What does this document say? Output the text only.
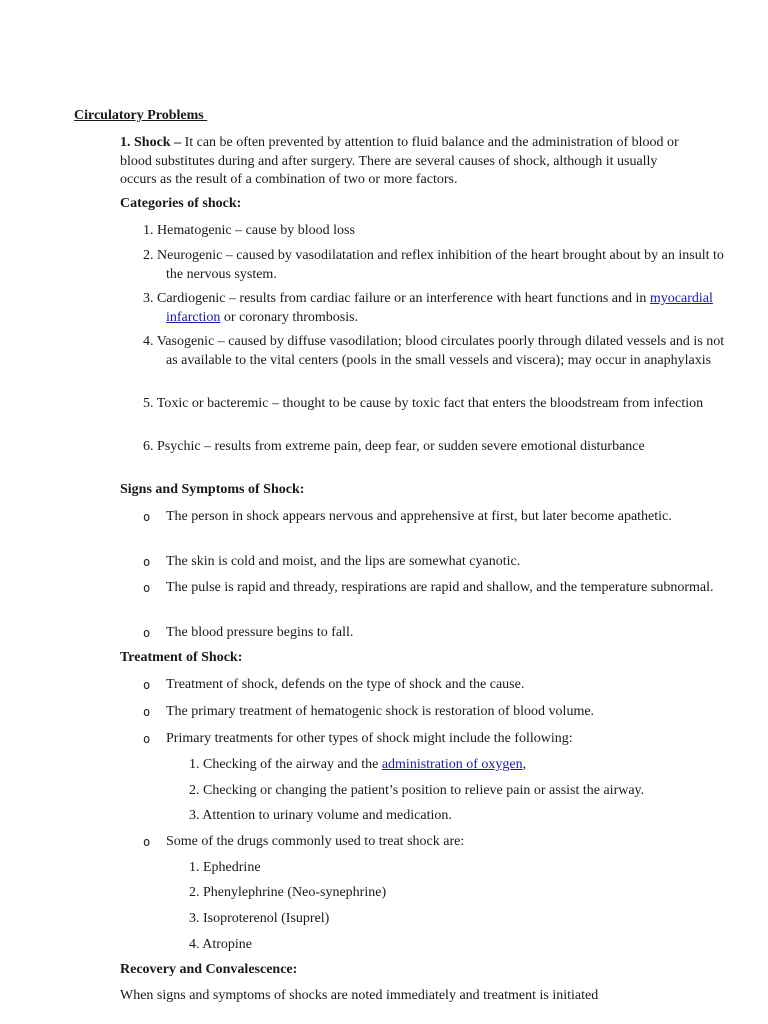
Circulatory Problems
1. Shock – It can be often prevented by attention to fluid balance and the administration of blood or blood substitutes during and after surgery. There are several causes of shock, although it usually occurs as the result of a combination of two or more factors.
Categories of shock:
1. Hematogenic – cause by blood loss
2. Neurogenic – caused by vasodilatation and reflex inhibition of the heart brought about by an insult to the nervous system.
3. Cardiogenic – results from cardiac failure or an interference with heart functions and in myocardial infarction or coronary thrombosis.
4. Vasogenic – caused by diffuse vasodilation; blood circulates poorly through dilated vessels and is not as available to the vital centers (pools in the small vessels and viscera); may occur in anaphylaxis
5. Toxic or bacteremic – thought to be cause by toxic fact that enters the bloodstream from infection
6. Psychic – results from extreme pain, deep fear, or sudden severe emotional disturbance
Signs and Symptoms of Shock:
o The person in shock appears nervous and apprehensive at first, but later become apathetic.
o The skin is cold and moist, and the lips are somewhat cyanotic.
o The pulse is rapid and thready, respirations are rapid and shallow, and the temperature subnormal.
o The blood pressure begins to fall.
Treatment of Shock:
o Treatment of shock, defends on the type of shock and the cause.
o The primary treatment of hematogenic shock is restoration of blood volume.
o Primary treatments for other types of shock might include the following:
1. Checking of the airway and the administration of oxygen,
2. Checking or changing the patient’s position to relieve pain or assist the airway.
3. Attention to urinary volume and medication.
o Some of the drugs commonly used to treat shock are:
1. Ephedrine
2. Phenylephrine (Neo-synephrine)
3. Isoproterenol (Isuprel)
4. Atropine
Recovery and Convalescence:
When signs and symptoms of shocks are noted immediately and treatment is initiated
